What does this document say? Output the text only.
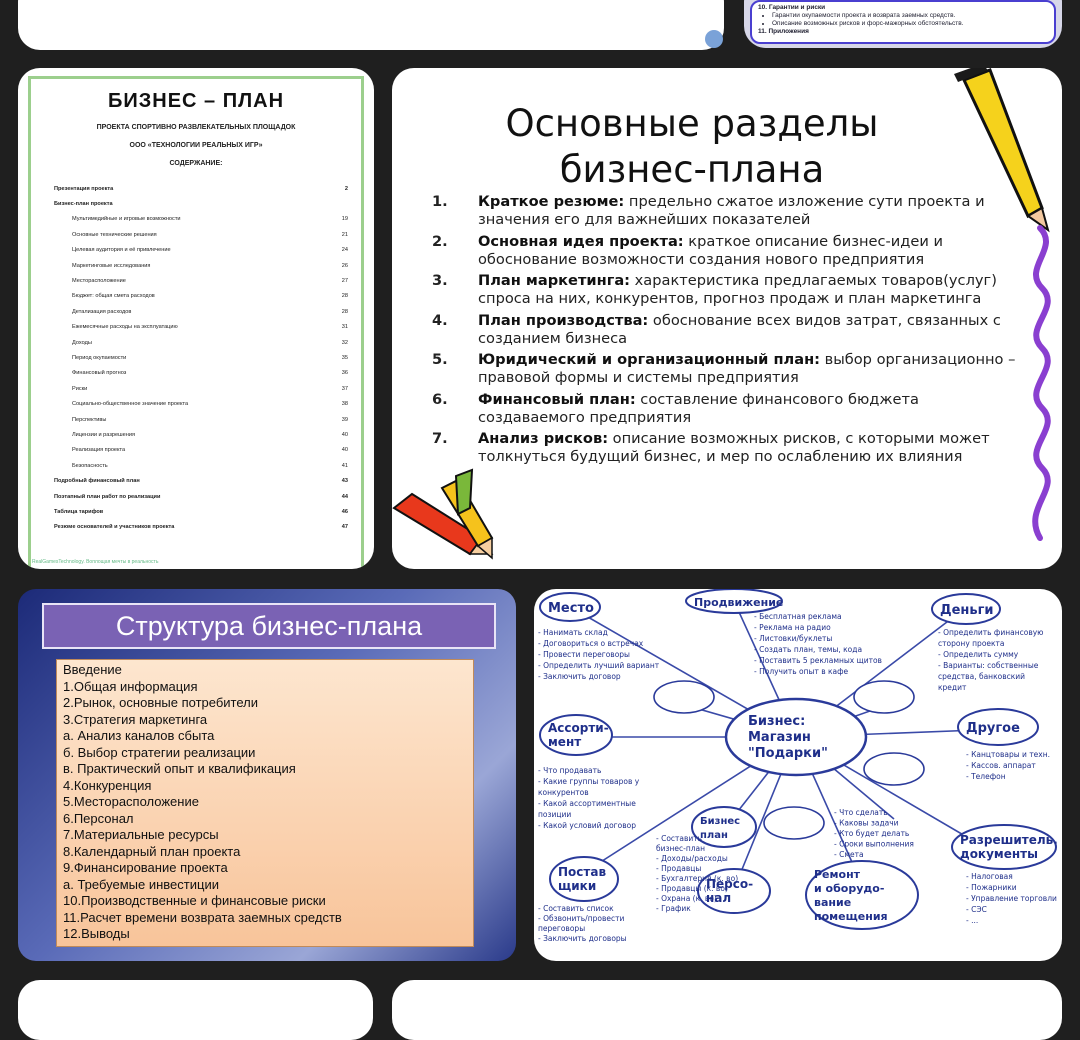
10. Гарантии и риски
• Гарантии окупаемости проекта и возврата заемных средств.
• Описание возможных рисков и форс-мажорных обстоятельств.
11. Приложения
БИЗНЕС – ПЛАН
ПРОЕКТА СПОРТИВНО РАЗВЛЕКАТЕЛЬНЫХ ПЛОЩАДОК
ООО «ТЕХНОЛОГИИ РЕАЛЬНЫХ ИГР»
СОДЕРЖАНИЕ:
Презентация проекта	2
Бизнес-план проекта
Мультимедийные и игровые возможности	19
Основные технические решения	21
Целевая аудитория и её привлечение	24
Маркетинговые исследования	26
Месторасположение	27
Бюджет: общая смета расходов	28
Детализация расходов	28
Ежемесячные расходы на эксплуатацию	31
Доходы	32
Период окупаемости	35
Финансовый прогноз	36
Риски	37
Социально-общественное значение проекта	38
Перспективы	39
Лицензии и разрешения	40
Реализация проекта	40
Безопасность	41
Подробный финансовый план	43
Поэтапный план работ по реализации	44
Таблица тарифов	46
Резюме основателей и участников проекта	47
RealGamesTechnology. Воплощая мечты в реальность
Основные разделы
бизнес-плана
1.	Краткое резюме: предельно сжатое изложение сути проекта и значения его для важнейших показателей
2.	Основная идея проекта: краткое описание бизнес-идеи и обоснование возможности создания нового предприятия
3.	План маркетинга: характеристика предлагаемых товаров(услуг) спроса на них, конкурентов, прогноз продаж и план маркетинга
4.	План производства: обоснование всех видов затрат, связанных с созданием бизнеса
5.	Юридический и организационный план: выбор организационно – правовой формы и системы предприятия
6.	Финансовый план: составление финансового бюджета создаваемого предприятия
7.	Анализ рисков: описание возможных рисков, с которыми может толкнуться будущий бизнес, и мер по ослаблению их влияния
Структура бизнес-плана
Введение
1.Общая информация
2.Рынок, основные потребители
3.Стратегия маркетинга
а. Анализ каналов сбыта
б. Выбор стратегии реализации
в. Практический опыт и квалификация
4.Конкуренция
5.Месторасположение
6.Персонал
7.Материальные ресурсы
8.Календарный план проекта
9.Финансирование проекта
а. Требуемые инвестиции
10.Производственные и финансовые риски
11.Расчет времени возврата заемных средств
12.Выводы
Бизнес:
Магазин
"Подарки"
Место	Продвижение
Деньги
Ассорти-
мент
Другое
Бизнес
план	Разрешитель.
документы
Постав
щики	Персо-
нал
Ремонт
и оборудо-
вание
помещения
- Нанимать склад
- Договориться о встречах
- Провести переговоры
- Определить лучший вариант
- Заключить договор
- Бесплатная реклама
- Реклама на радио
- Листовки/буклеты
- Создать план, темы, кода
- Поставить 5 рекламных щитов
- Получить опыт в кафе
- Определить финансовую
сторону проекта
- Определить сумму
- Варианты: собственные
средства, банковский
кредит
- Что продавать
- Какие группы товаров у
конкурентов
- Какой ассортиментные
позиции
- Какой условий договор
- Канцтовары и техн.
- Кассов. аппарат
- Телефон
- Что сделать
- Каковы задачи
- Кто будет делать
- Сроки выполнения
- Смета
- Составить
бизнес-план
- Доходы/расходы
- Продавцы
- Бухгалтерия (к. во)
- Продавцы (к. во)
- Охрана (к. во)
- График
- Налоговая
- Пожарники
- Управление торговли
- СЭС
- ...
- Составить список
- Обзвонить/провести
переговоры
- Заключить договоры
